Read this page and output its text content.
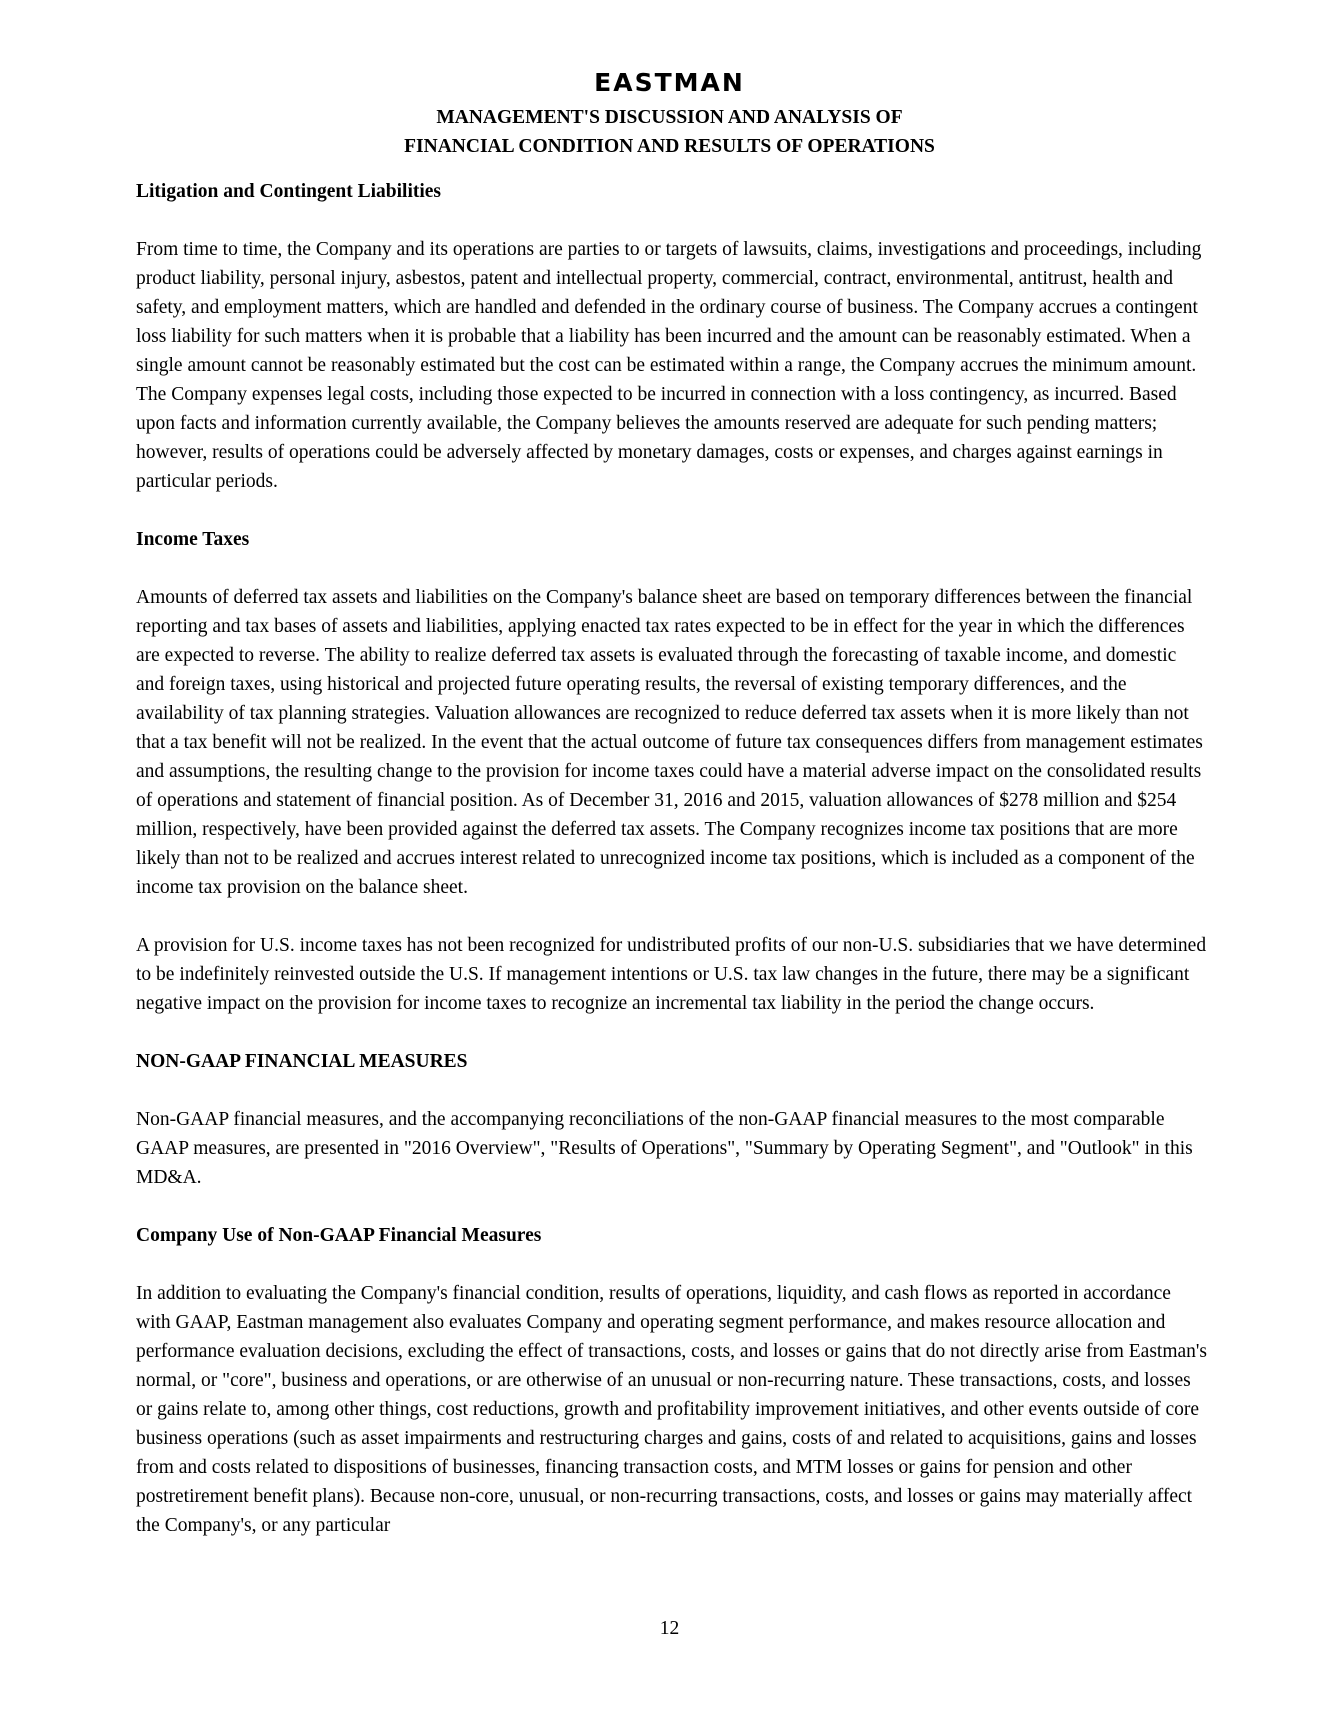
EASTMAN
MANAGEMENT'S DISCUSSION AND ANALYSIS OF
FINANCIAL CONDITION AND RESULTS OF OPERATIONS
Litigation and Contingent Liabilities

From time to time, the Company and its operations are parties to or targets of lawsuits, claims, investigations and proceedings, including product liability, personal injury, asbestos, patent and intellectual property, commercial, contract, environmental, antitrust, health and safety, and employment matters, which are handled and defended in the ordinary course of business. The Company accrues a contingent loss liability for such matters when it is probable that a liability has been incurred and the amount can be reasonably estimated. When a single amount cannot be reasonably estimated but the cost can be estimated within a range, the Company accrues the minimum amount. The Company expenses legal costs, including those expected to be incurred in connection with a loss contingency, as incurred. Based upon facts and information currently available, the Company believes the amounts reserved are adequate for such pending matters; however, results of operations could be adversely affected by monetary damages, costs or expenses, and charges against earnings in particular periods.

Income Taxes

Amounts of deferred tax assets and liabilities on the Company's balance sheet are based on temporary differences between the financial reporting and tax bases of assets and liabilities, applying enacted tax rates expected to be in effect for the year in which the differences are expected to reverse. The ability to realize deferred tax assets is evaluated through the forecasting of taxable income, and domestic and foreign taxes, using historical and projected future operating results, the reversal of existing temporary differences, and the availability of tax planning strategies. Valuation allowances are recognized to reduce deferred tax assets when it is more likely than not that a tax benefit will not be realized. In the event that the actual outcome of future tax consequences differs from management estimates and assumptions, the resulting change to the provision for income taxes could have a material adverse impact on the consolidated results of operations and statement of financial position. As of December 31, 2016 and 2015, valuation allowances of $278 million and $254 million, respectively, have been provided against the deferred tax assets. The Company recognizes income tax positions that are more likely than not to be realized and accrues interest related to unrecognized income tax positions, which is included as a component of the income tax provision on the balance sheet.

A provision for U.S. income taxes has not been recognized for undistributed profits of our non-U.S. subsidiaries that we have determined to be indefinitely reinvested outside the U.S. If management intentions or U.S. tax law changes in the future, there may be a significant negative impact on the provision for income taxes to recognize an incremental tax liability in the period the change occurs.

NON-GAAP FINANCIAL MEASURES

Non-GAAP financial measures, and the accompanying reconciliations of the non-GAAP financial measures to the most comparable GAAP measures, are presented in "2016 Overview", "Results of Operations", "Summary by Operating Segment", and "Outlook" in this MD&A.

Company Use of Non-GAAP Financial Measures

In addition to evaluating the Company's financial condition, results of operations, liquidity, and cash flows as reported in accordance with GAAP, Eastman management also evaluates Company and operating segment performance, and makes resource allocation and performance evaluation decisions, excluding the effect of transactions, costs, and losses or gains that do not directly arise from Eastman's normal, or "core", business and operations, or are otherwise of an unusual or non-recurring nature. These transactions, costs, and losses or gains relate to, among other things, cost reductions, growth and profitability improvement initiatives, and other events outside of core business operations (such as asset impairments and restructuring charges and gains, costs of and related to acquisitions, gains and losses from and costs related to dispositions of businesses, financing transaction costs, and MTM losses or gains for pension and other postretirement benefit plans). Because non-core, unusual, or non-recurring transactions, costs, and losses or gains may materially affect the Company's, or any particular

12
